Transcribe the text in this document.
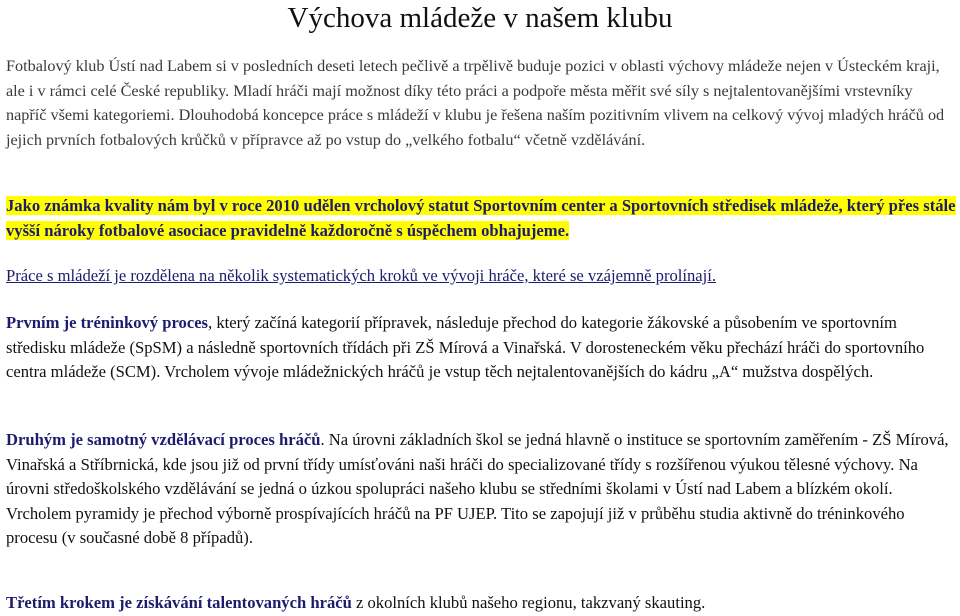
Výchova mládeže v našem klubu

Fotbalový klub Ústí nad Labem si v posledních deseti letech pečlivě a trpělivě buduje pozici v oblasti výchovy mládeže nejen v Ústeckém kraji, ale i v rámci celé České republiky. Mladí hráči mají možnost díky této práci a podpoře města měřit své síly s nejtalentovanějšími vrstevníky napříč všemi kategoriemi. Dlouhodobá koncepce práce s mládeží v klubu je řešena naším pozitivním vlivem na celkový vývoj mladých hráčů od jejich prvních fotbalových krůčků v přípravce až po vstup do „velkého fotbalu“ včetně vzdělávání.

Jako známka kvality nám byl v roce 2010 udělen vrcholový statut Sportovním center a Sportovních středisek mládeže, který přes stále vyšší nároky fotbalové asociace pravidelně každoročně s úspěchem obhajujeme.

Práce s mládeží je rozdělena na několik systematických kroků ve vývoji hráče, které se vzájemně prolínají.

Prvním je tréninkový proces, který začíná kategorií přípravek, následuje přechod do kategorie žákovské a působením ve sportovním středisku mládeže (SpSM) a následně sportovních třídách při ZŠ Mírová a Vinařská. V dorosteneckém věku přechází hráči do sportovního centra mládeže (SCM). Vrcholem vývoje mládežnických hráčů je vstup těch nejtalentovanějších do kádru „A“ mužstva dospělých.

Druhým je samotný vzdělávací proces hráčů. Na úrovni základních škol se jedná hlavně o instituce se sportovním zaměřením - ZŠ Mírová, Vinařská a Stříbrnická, kde jsou již od první třídy umísťováni naši hráči do specializované třídy s rozšířenou výukou tělesné výchovy. Na úrovni středoškolského vzdělávání se jedná o úzkou spolupráci našeho klubu se středními školami v Ústí nad Labem a blízkém okolí. Vrcholem pyramidy je přechod výborně prospívajících hráčů na PF UJEP. Tito se zapojují již v průběhu studia aktivně do tréninkového procesu (v současné době 8 případů).

Třetím krokem je získávání talentovaných hráčů z okolních klubů našeho regionu, takzvaný skauting.
